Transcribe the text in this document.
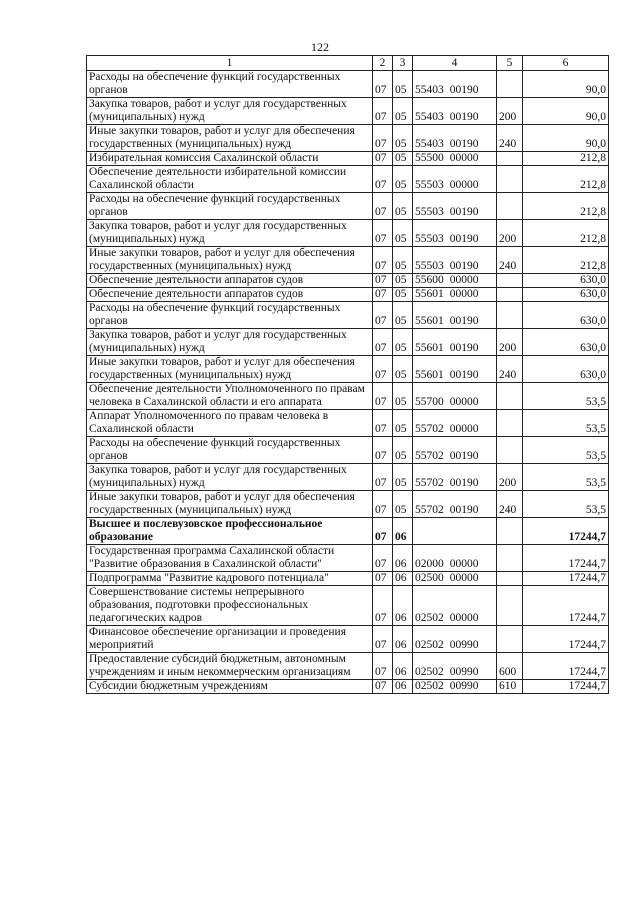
122
1	2	3	4	5	6
Расходы на обеспечение функций государственных органов	07	05	55403 00190		90,0
Закупка товаров, работ и услуг для государственных (муниципальных) нужд	07	05	55403 00190	200	90,0
Иные закупки товаров, работ и услуг для обеспечения государственных (муниципальных) нужд	07	05	55403 00190	240	90,0
Избирательная комиссия Сахалинской области	07	05	55500 00000		212,8
Обеспечение деятельности избирательной комиссии Сахалинской области	07	05	55503 00000		212,8
Расходы на обеспечение функций государственных органов	07	05	55503 00190		212,8
Закупка товаров, работ и услуг для государственных (муниципальных) нужд	07	05	55503 00190	200	212,8
Иные закупки товаров, работ и услуг для обеспечения государственных (муниципальных) нужд	07	05	55503 00190	240	212,8
Обеспечение деятельности аппаратов судов	07	05	55600 00000		630,0
Обеспечение деятельности аппаратов судов	07	05	55601 00000		630,0
Расходы на обеспечение функций государственных органов	07	05	55601 00190		630,0
Закупка товаров, работ и услуг для государственных (муниципальных) нужд	07	05	55601 00190	200	630,0
Иные закупки товаров, работ и услуг для обеспечения государственных (муниципальных) нужд	07	05	55601 00190	240	630,0
Обеспечение деятельности Уполномоченного по правам человека в Сахалинской области и его аппарата	07	05	55700 00000		53,5
Аппарат Уполномоченного по правам человека в Сахалинской области	07	05	55702 00000		53,5
Расходы на обеспечение функций государственных органов	07	05	55702 00190		53,5
Закупка товаров, работ и услуг для государственных (муниципальных) нужд	07	05	55702 00190	200	53,5
Иные закупки товаров, работ и услуг для обеспечения государственных (муниципальных) нужд	07	05	55702 00190	240	53,5
Высшее и послевузовское профессиональное образование	07	06			17244,7
Государственная программа Сахалинской области "Развитие образования в Сахалинской области"	07	06	02000 00000		17244,7
Подпрограмма "Развитие кадрового потенциала"	07	06	02500 00000		17244,7
Совершенствование системы непрерывного образования, подготовки профессиональных педагогических кадров	07	06	02502 00000		17244,7
Финансовое обеспечение организации и проведения мероприятий	07	06	02502 00990		17244,7
Предоставление субсидий бюджетным, автономным учреждениям и иным некоммерческим организациям	07	06	02502 00990	600	17244,7
Субсидии бюджетным учреждениям	07	06	02502 00990	610	17244,7
